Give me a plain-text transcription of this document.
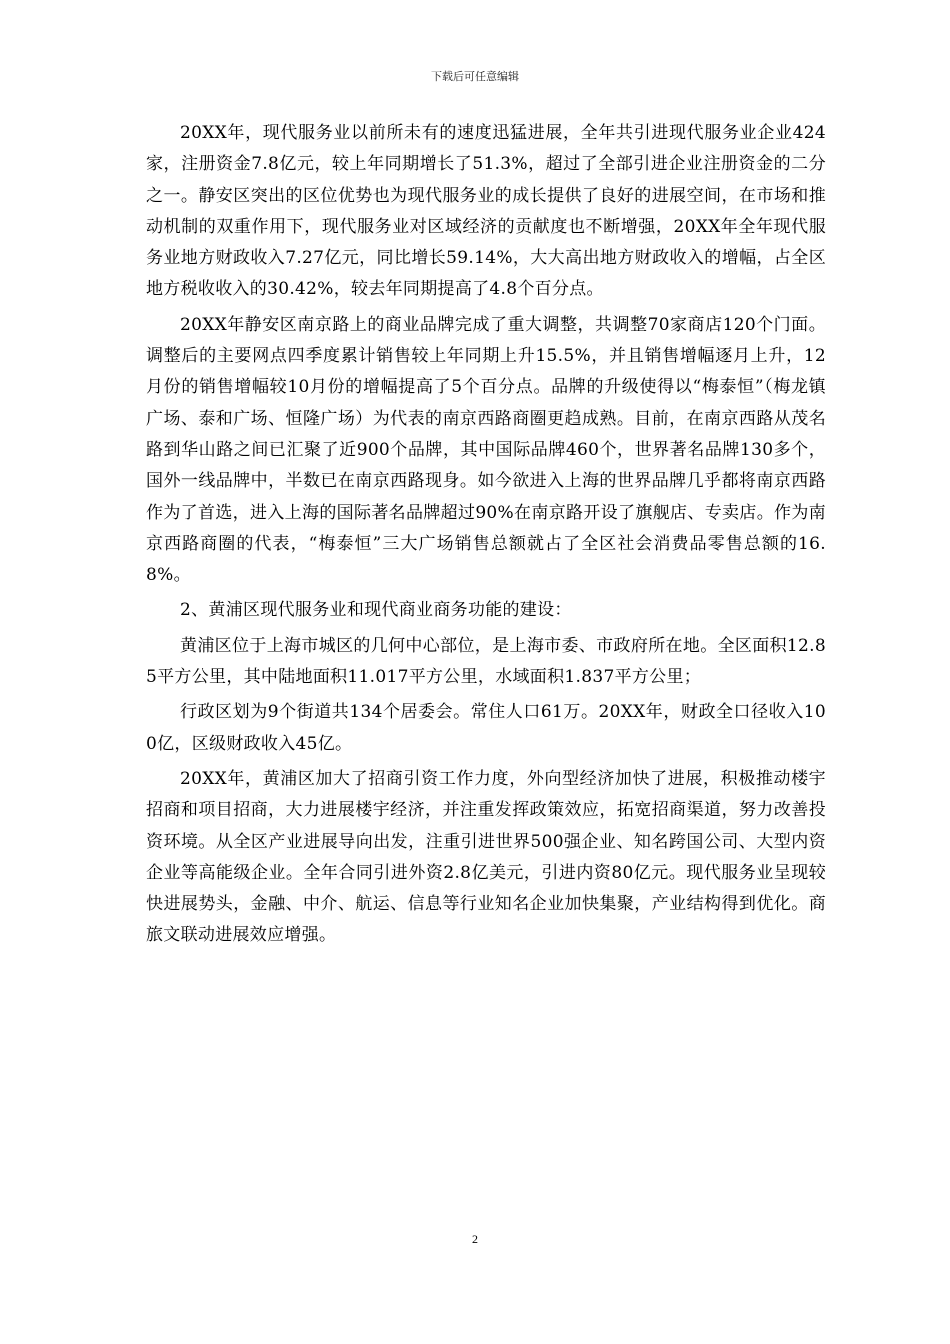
下载后可任意编辑

20XX年，现代服务业以前所未有的速度迅猛进展，全年共引进现代服务业企业424家，注册资金7.8亿元，较上年同期增长了51.3%，超过了全部引进企业注册资金的二分之一。静安区突出的区位优势也为现代服务业的成长提供了良好的进展空间，在市场和推动机制的双重作用下，现代服务业对区域经济的贡献度也不断增强，20XX年全年现代服务业地方财政收入7.27亿元，同比增长59.14%，大大高出地方财政收入的增幅，占全区地方税收收入的30.42%，较去年同期提高了4.8个百分点。

20XX年静安区南京路上的商业品牌完成了重大调整，共调整70家商店120个门面。调整后的主要网点四季度累计销售较上年同期上升15.5%，并且销售增幅逐月上升，12月份的销售增幅较10月份的增幅提高了5个百分点。品牌的升级使得以“梅泰恒”（梅龙镇广场、泰和广场、恒隆广场）为代表的南京西路商圈更趋成熟。目前，在南京西路从茂名路到华山路之间已汇聚了近900个品牌，其中国际品牌460个，世界著名品牌130多个，国外一线品牌中，半数已在南京西路现身。如今欲进入上海的世界品牌几乎都将南京西路作为了首选，进入上海的国际著名品牌超过90%在南京路开设了旗舰店、专卖店。作为南京西路商圈的代表，“梅泰恒”三大广场销售总额就占了全区社会消费品零售总额的16.8%。

2、黄浦区现代服务业和现代商业商务功能的建设：

黄浦区位于上海市城区的几何中心部位，是上海市委、市政府所在地。全区面积12.85平方公里，其中陆地面积11.017平方公里，水域面积1.837平方公里；

行政区划为9个街道共134个居委会。常住人口61万。20XX年，财政全口径收入100亿，区级财政收入45亿。

20XX年，黄浦区加大了招商引资工作力度，外向型经济加快了进展，积极推动楼宇招商和项目招商，大力进展楼宇经济，并注重发挥政策效应，拓宽招商渠道，努力改善投资环境。从全区产业进展导向出发，注重引进世界500强企业、知名跨国公司、大型内资企业等高能级企业。全年合同引进外资2.8亿美元，引进内资80亿元。现代服务业呈现较快进展势头，金融、中介、航运、信息等行业知名企业加快集聚，产业结构得到优化。商旅文联动进展效应增强。

2
